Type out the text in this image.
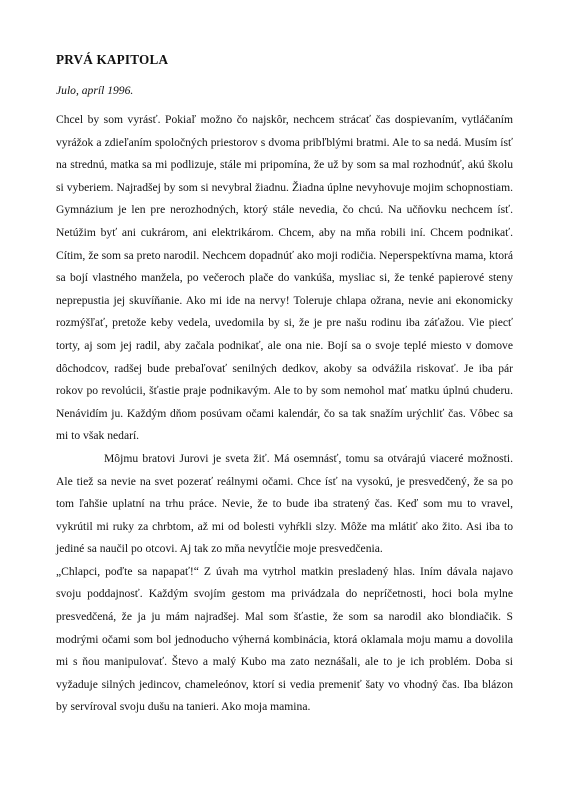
PRVÁ KAPITOLA
Julo, apríl 1996.

Chcel by som vyrásť. Pokiaľ možno čo najskôr, nechcem strácať čas dospievaním, vytláčaním vyrážok a zdieľaním spoločných priestorov s dvoma pribľblými bratmi. Ale to sa nedá. Musím ísť na strednú, matka sa mi podlizuje, stále mi pripomína, že už by som sa mal rozhodnúť, akú školu si vyberiem. Najradšej by som si nevybral žiadnu. Žiadna úplne nevyhovuje mojim schopnostiam. Gymnázium je len pre nerozhodných, ktorý stále nevedia, čo chcú. Na učňovku nechcem ísť. Netúžim byť ani cukrárom, ani elektrikárom. Chcem, aby na mňa robili iní. Chcem podnikať. Cítim, že som sa preto narodil. Nechcem dopadnúť ako moji rodičia. Neperspektívna mama, ktorá sa bojí vlastného manžela, po večeroch plače do vankúša, mysliac si, že tenké papierové steny neprepustia jej skuvíňanie. Ako mi ide na nervy! Toleruje chlapa ožrana, nevie ani ekonomicky rozmýšľať, pretože keby vedela, uvedomila by si, že je pre našu rodinu iba záťažou. Vie piecť torty, aj som jej radil, aby začala podnikať, ale ona nie. Bojí sa o svoje teplé miesto v domove dôchodcov, radšej bude prebaľovať senilných dedkov, akoby sa odvážila riskovať. Je iba pár rokov po revolúcii, šťastie praje podnikavým. Ale to by som nemohol mať matku úplnú chuderu. Nenávidím ju. Každým dňom posúvam očami kalendár, čo sa tak snažím urýchliť čas. Vôbec sa mi to však nedarí.

Môjmu bratovi Jurovi je sveta žiť. Má osemnásť, tomu sa otvárajú viaceré možnosti. Ale tiež sa nevie na svet pozerať reálnymi očami. Chce ísť na vysokú, je presvedčený, že sa po tom ľahšie uplatní na trhu práce. Nevie, že to bude iba stratený čas. Keď som mu to vravel, vykrútil mi ruky za chrbtom, až mi od bolesti vyhŕkli slzy. Môže ma mlátiť ako žito. Asi iba to jediné sa naučil po otcovi. Aj tak zo mňa nevytĺčie moje presvedčenia.

„Chlapci, poďte sa napapať!“ Z úvah ma vytrhol matkin presladený hlas. Iním dávala najavo svoju poddajnosť. Každým svojím gestom ma privádzala do nepríčetnosti, hoci bola mylne presvedčená, že ja ju mám najradšej. Mal som šťastie, že som sa narodil ako blondiačik. S modrými očami som bol jednoducho výherná kombinácia, ktorá oklamala moju mamu a dovolila mi s ňou manipulovať. Števo a malý Kubo ma zato neznášali, ale to je ich problém. Doba si vyžaduje silných jedincov, chameleónov, ktorí si vedia premeniť šaty vo vhodný čas. Iba blázon by servíroval svoju dušu na tanieri. Ako moja mamina.
